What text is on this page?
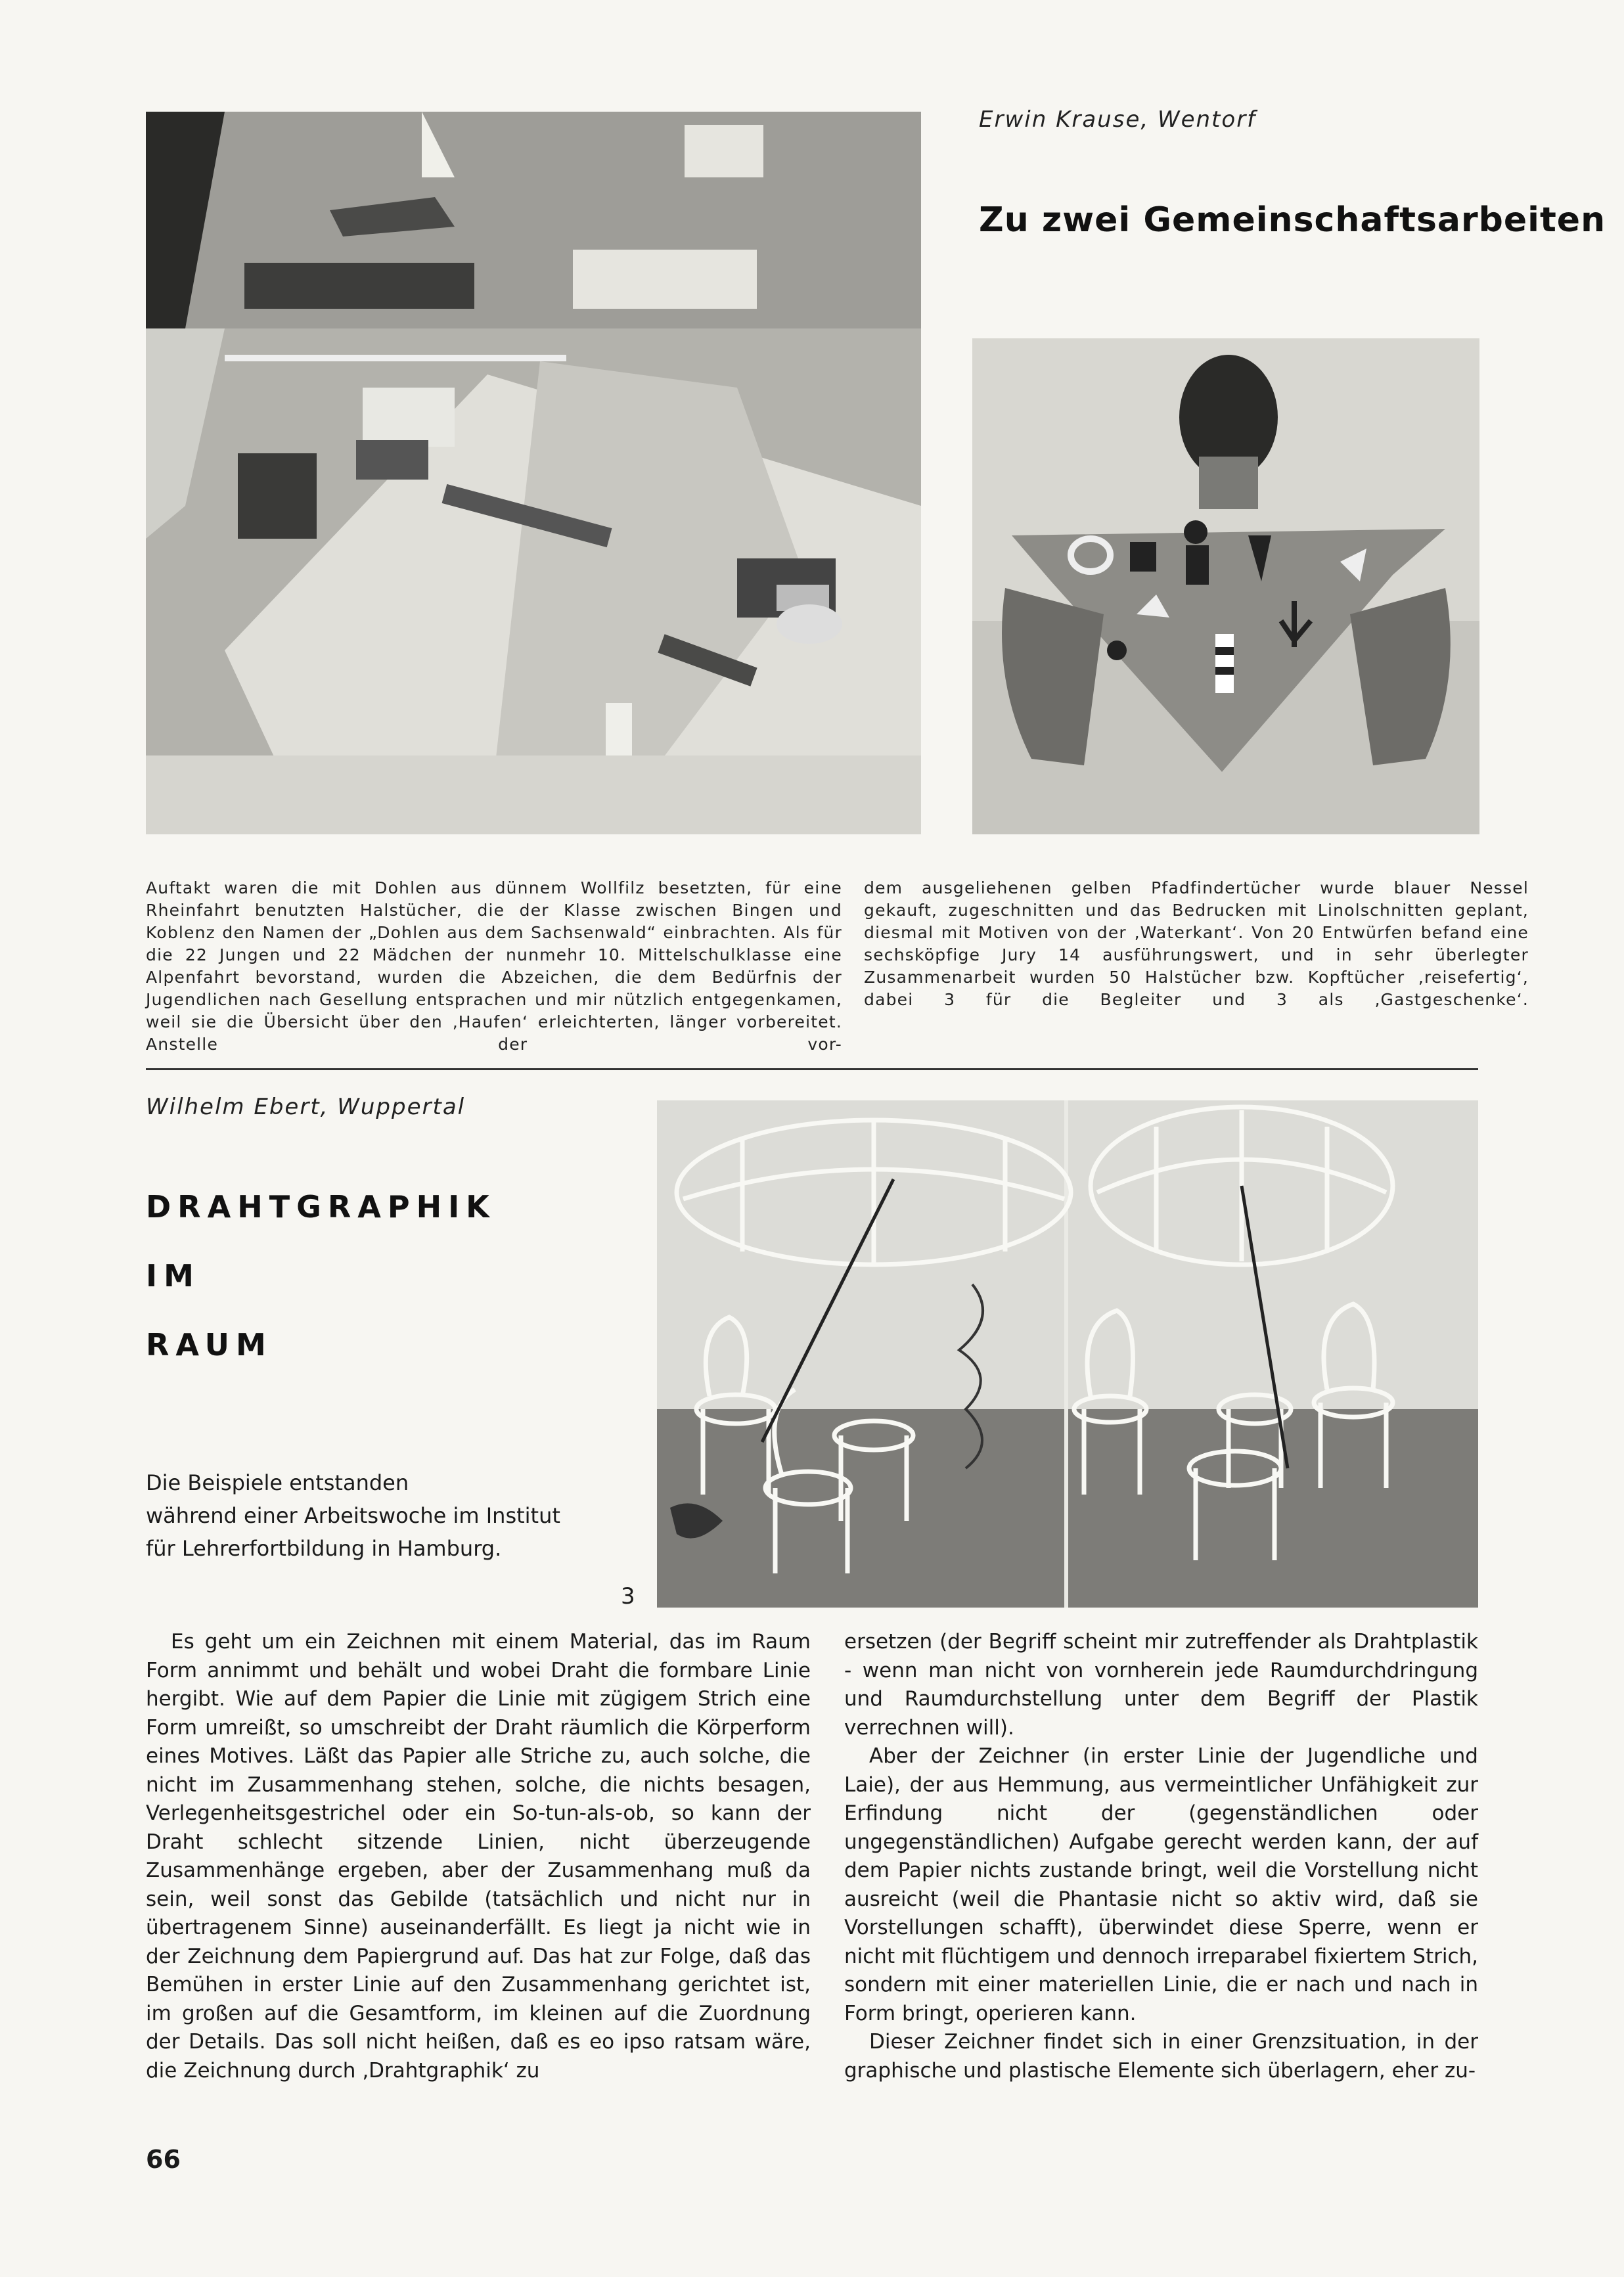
Erwin Krause, Wentorf
Zu zwei Gemeinschaftsarbeiten
Auftakt waren die mit Dohlen aus dünnem Wollfilz besetzten, für eine Rheinfahrt benutzten Halstücher, die der Klasse zwischen Bingen und Koblenz den Namen der „Dohlen aus dem Sachsenwald“ einbrachten. Als für die 22 Jungen und 22 Mädchen der nunmehr 10. Mittelschulklasse eine Alpenfahrt bevorstand, wurden die Abzeichen, die dem Bedürfnis der Jugendlichen nach Gesellung entsprachen und mir nützlich entgegenkamen, weil sie die Übersicht über den ‚Haufen‘ erleichterten, länger vorbereitet. Anstelle der vor-
dem ausgeliehenen gelben Pfadfindertücher wurde blauer Nessel gekauft, zugeschnitten und das Bedrucken mit Linolschnitten geplant, diesmal mit Motiven von der ‚Waterkant‘. Von 20 Entwürfen befand eine sechsköpfige Jury 14 ausführungswert, und in sehr überlegter Zusammenarbeit wurden 50 Halstücher bzw. Kopftücher ‚reisefertig‘, dabei 3 für die Begleiter und 3 als ‚Gastgeschenke‘.
Wilhelm Ebert, Wuppertal
DRAHTGRAPHIK
IM
RAUM
Die Beispiele entstanden
während einer Arbeitswoche im Institut
für Lehrerfortbildung in Hamburg.
3
Es geht um ein Zeichnen mit einem Material, das im Raum Form annimmt und behält und wobei Draht die formbare Linie hergibt. Wie auf dem Papier die Linie mit zügigem Strich eine Form umreißt, so umschreibt der Draht räumlich die Körperform eines Motives. Läßt das Papier alle Striche zu, auch solche, die nicht im Zusammenhang stehen, solche, die nichts besagen, Verlegenheitsgestrichel oder ein So-tun-als-ob, so kann der Draht schlecht sitzende Linien, nicht überzeugende Zusammenhänge ergeben, aber der Zusammenhang muß da sein, weil sonst das Gebilde (tatsächlich und nicht nur in übertragenem Sinne) auseinanderfällt. Es liegt ja nicht wie in der Zeichnung dem Papiergrund auf. Das hat zur Folge, daß das Bemühen in erster Linie auf den Zusammenhang gerichtet ist, im großen auf die Gesamtform, im kleinen auf die Zuordnung der Details. Das soll nicht heißen, daß es eo ipso ratsam wäre, die Zeichnung durch ‚Drahtgraphik‘ zu

ersetzen (der Begriff scheint mir zutreffender als Drahtplastik - wenn man nicht von vornherein jede Raumdurchdringung und Raumdurchstellung unter dem Begriff der Plastik verrechnen will).

Aber der Zeichner (in erster Linie der Jugendliche und Laie), der aus Hemmung, aus vermeintlicher Unfähigkeit zur Erfindung nicht der (gegenständlichen oder ungegenständlichen) Aufgabe gerecht werden kann, der auf dem Papier nichts zustande bringt, weil die Vorstellung nicht ausreicht (weil die Phantasie nicht so aktiv wird, daß sie Vorstellungen schafft), überwindet diese Sperre, wenn er nicht mit flüchtigem und dennoch irreparabel fixiertem Strich, sondern mit einer materiellen Linie, die er nach und nach in Form bringt, operieren kann.

Dieser Zeichner findet sich in einer Grenzsituation, in der graphische und plastische Elemente sich überlagern, eher zu-

66
